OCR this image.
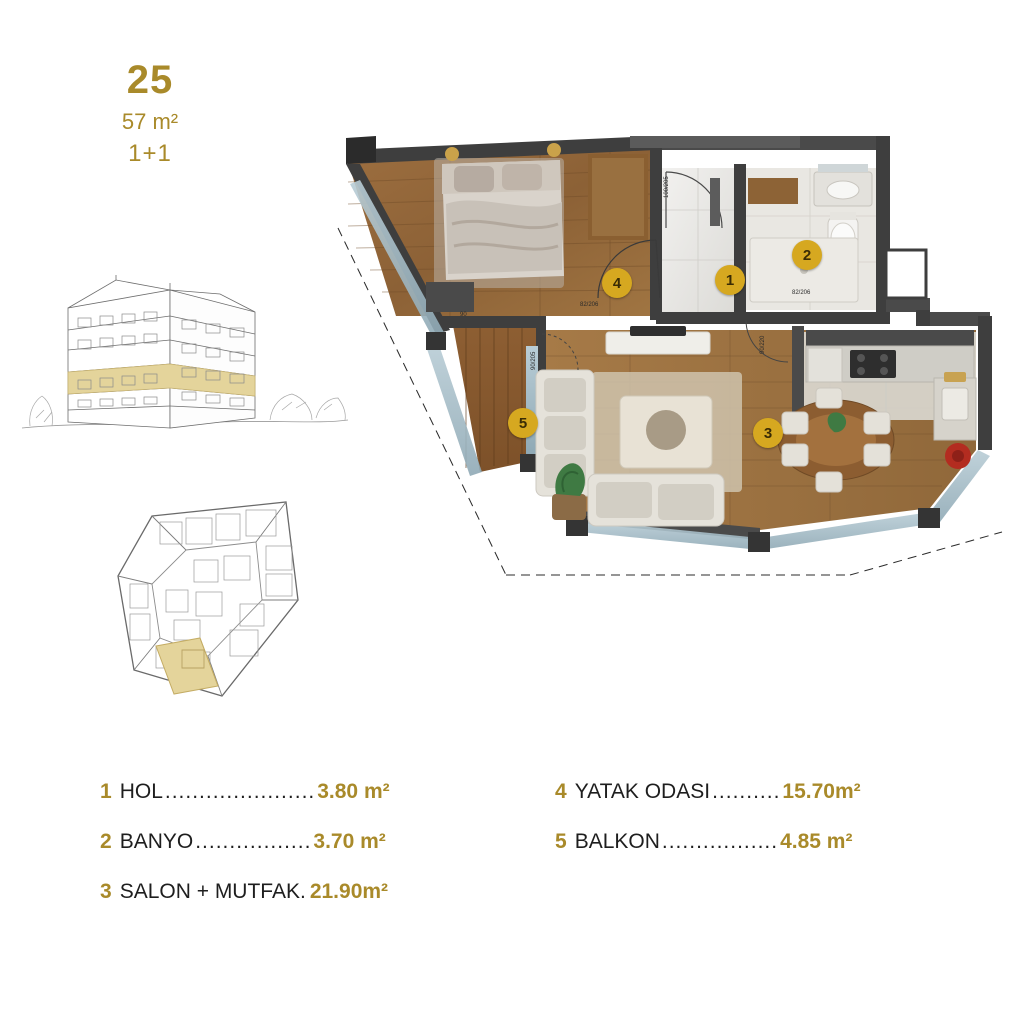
25
57 m²
1+1
100/205
82/206
82/206
90/205
90/220
90
1
2
3
4
5
1 HOL ...................... 3.80 m²
2 BANYO ................. 3.70 m²
3 SALON + MUTFAK. 21.90m²
4 YATAK ODASI .......... 15.70m²
5 BALKON ................. 4.85 m²
